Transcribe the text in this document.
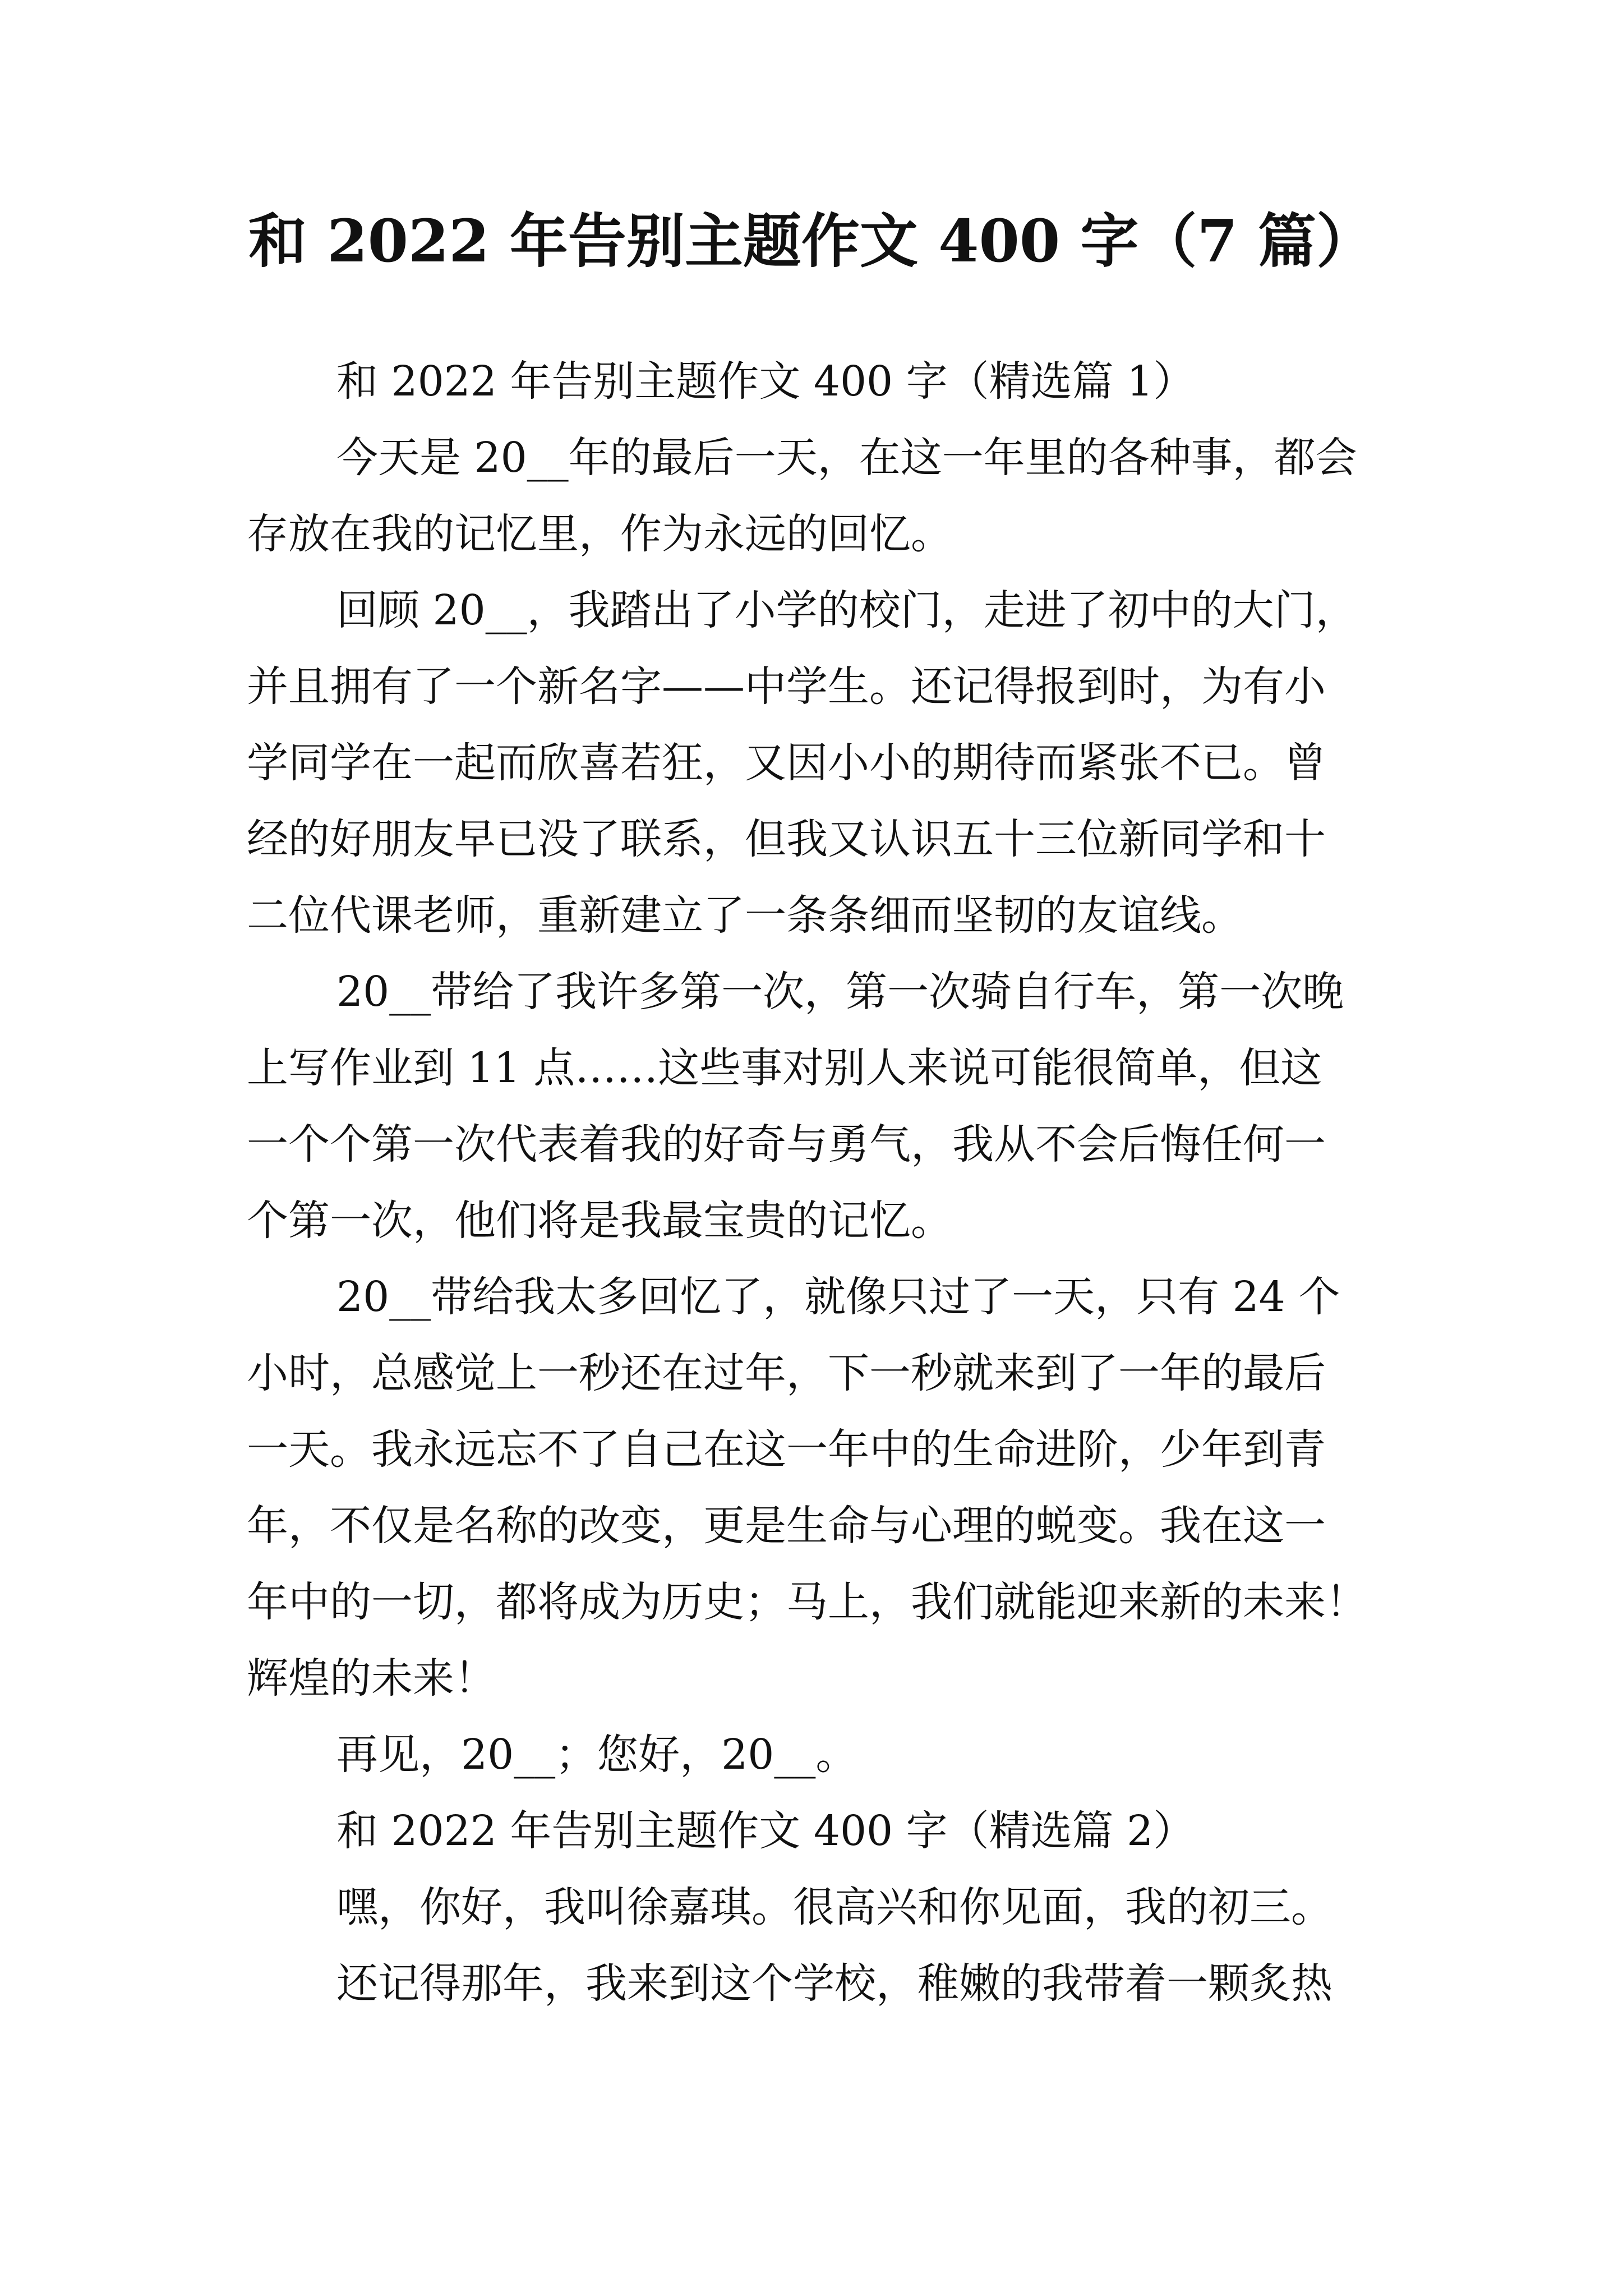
和 2022 年告别主题作文 400 字（7 篇）
和 2022 年告别主题作文 400 字（精选篇 1）
今天是 20__年的最后一天，在这一年里的各种事，都会
存放在我的记忆里，作为永远的回忆。
回顾 20__，我踏出了小学的校门，走进了初中的大门，
并且拥有了一个新名字——中学生。还记得报到时，为有小
学同学在一起而欣喜若狂，又因小小的期待而紧张不已。曾
经的好朋友早已没了联系，但我又认识五十三位新同学和十
二位代课老师，重新建立了一条条细而坚韧的友谊线。
20__带给了我许多第一次，第一次骑自行车，第一次晚
上写作业到 11 点……这些事对别人来说可能很简单，但这
一个个第一次代表着我的好奇与勇气，我从不会后悔任何一
个第一次，他们将是我最宝贵的记忆。
20__带给我太多回忆了，就像只过了一天，只有 24 个
小时，总感觉上一秒还在过年，下一秒就来到了一年的最后
一天。我永远忘不了自己在这一年中的生命进阶，少年到青
年，不仅是名称的改变，更是生命与心理的蜕变。我在这一
年中的一切，都将成为历史；马上，我们就能迎来新的未来！
辉煌的未来！
再见，20__；您好，20__。
和 2022 年告别主题作文 400 字（精选篇 2）
嘿，你好，我叫徐嘉琪。很高兴和你见面，我的初三。
还记得那年，我来到这个学校，稚嫩的我带着一颗炙热
